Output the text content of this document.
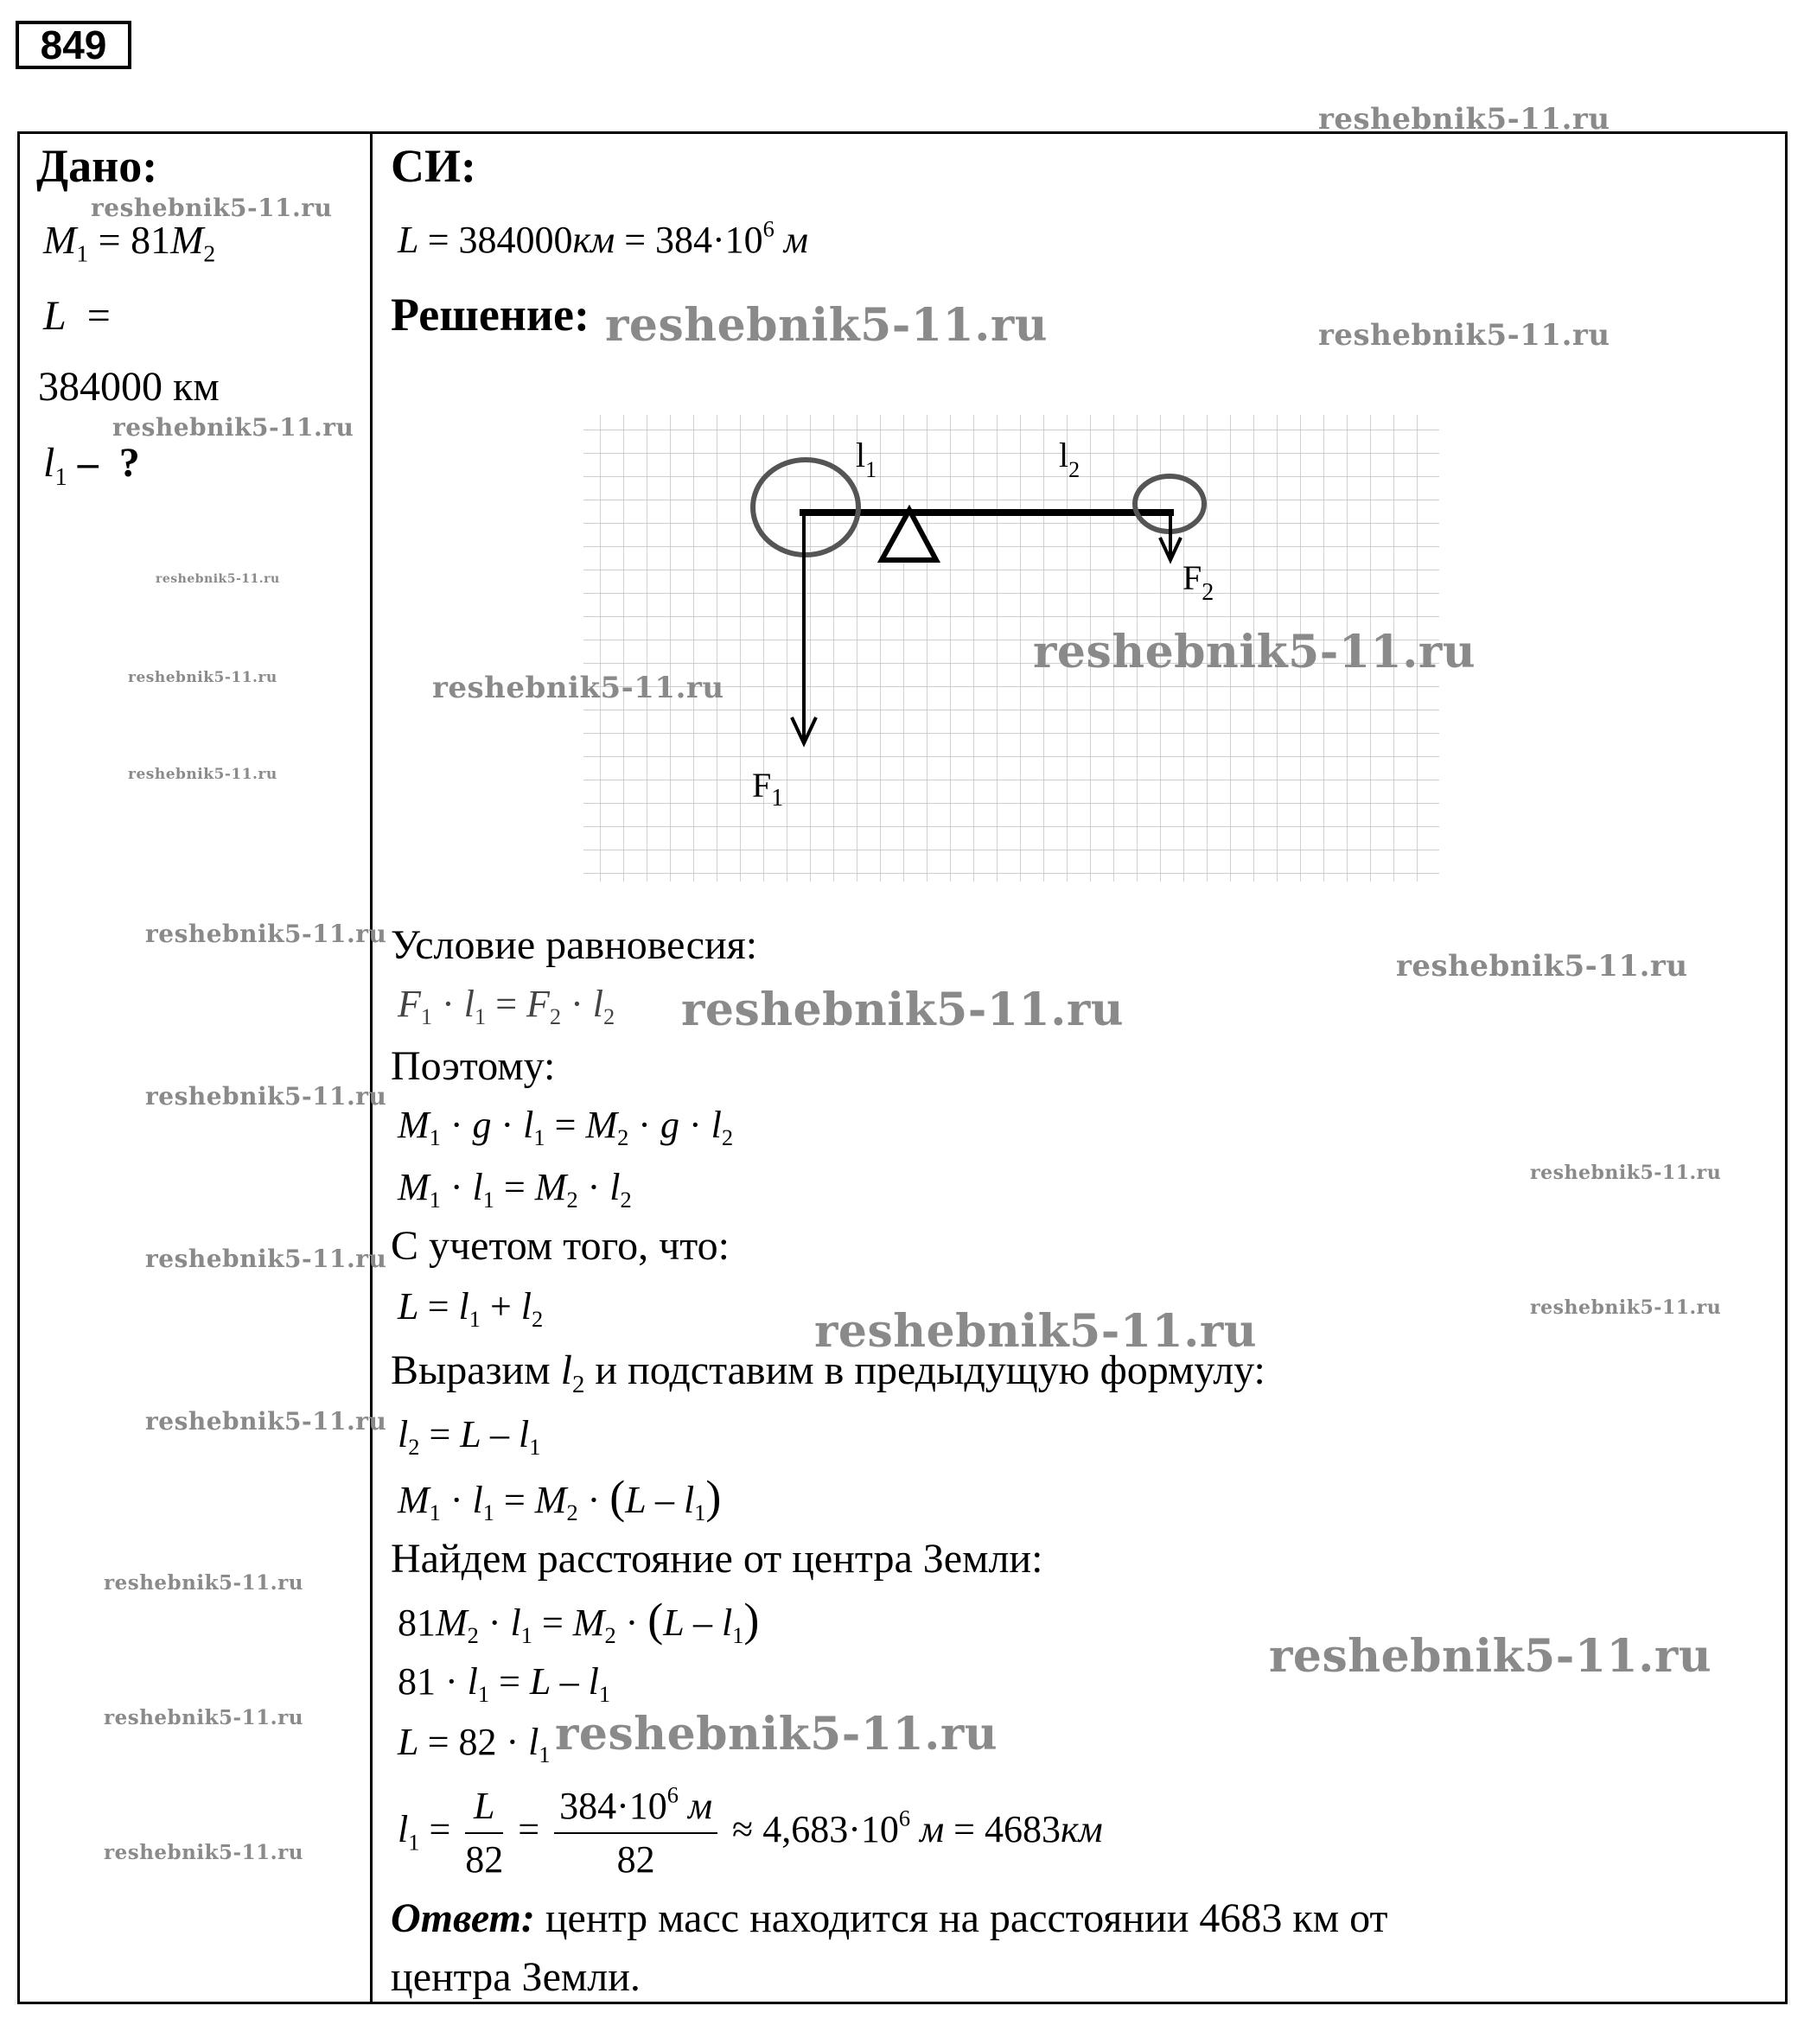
849
Дано:
$M_1 = 81M_2$
L =
384000 км
$l_1$ –  ?
СИ:
$L = 384000км = 384\cdot 10^6$ м
Решение:
$l_1$	$l_2$
$F_1$
$F_2$
Условие равновесия:
$F_1 \cdot l_1 = F_2 \cdot l_2$
Поэтому:
$M_1 \cdot g \cdot l_1 = M_2 \cdot g \cdot l_2$
$M_1 \cdot l_1 = M_2 \cdot l_2$
С учетом того, что:
$L = l_1 + l_2$
Выразим $l_2$ и подставим в предыдущую формулу:
$l_2 = L - l_1$
$M_1 \cdot l_1 = M_2 \cdot (L - l_1)$
Найдем расстояние от центра Земли:
$81M_2 \cdot l_1 = M_2 \cdot (L - l_1)$
$81 \cdot l_1 = L - l_1$
$L = 82 \cdot l_1$
$l_1 = \frac{L}{82} = \frac{384\cdot 10^6 м}{82} \approx 4,683\cdot 10^6$ м = 4683км
Ответ: центр масс находится на расстоянии 4683 км от
центра Земли.
reshebnik5-11.ru
reshebnik5-11.ru
reshebnik5-11.ru
reshebnik5-11.ru
reshebnik5-11.ru
reshebnik5-11.ru
reshebnik5-11.ru	reshebnik5-11.ru
reshebnik5-11.ru
reshebnik5-11.ru
reshebnik5-11.ru
reshebnik5-11.ru
reshebnik5-11.ru
reshebnik5-11.ru
reshebnik5-11.ru
reshebnik5-11.ru
reshebnik5-11.ru
reshebnik5-11.ru
reshebnik5-11.ru
reshebnik5-11.ru
reshebnik5-11.ru
reshebnik5-11.ru
reshebnik5-11.ru
reshebnik5-11.ru
